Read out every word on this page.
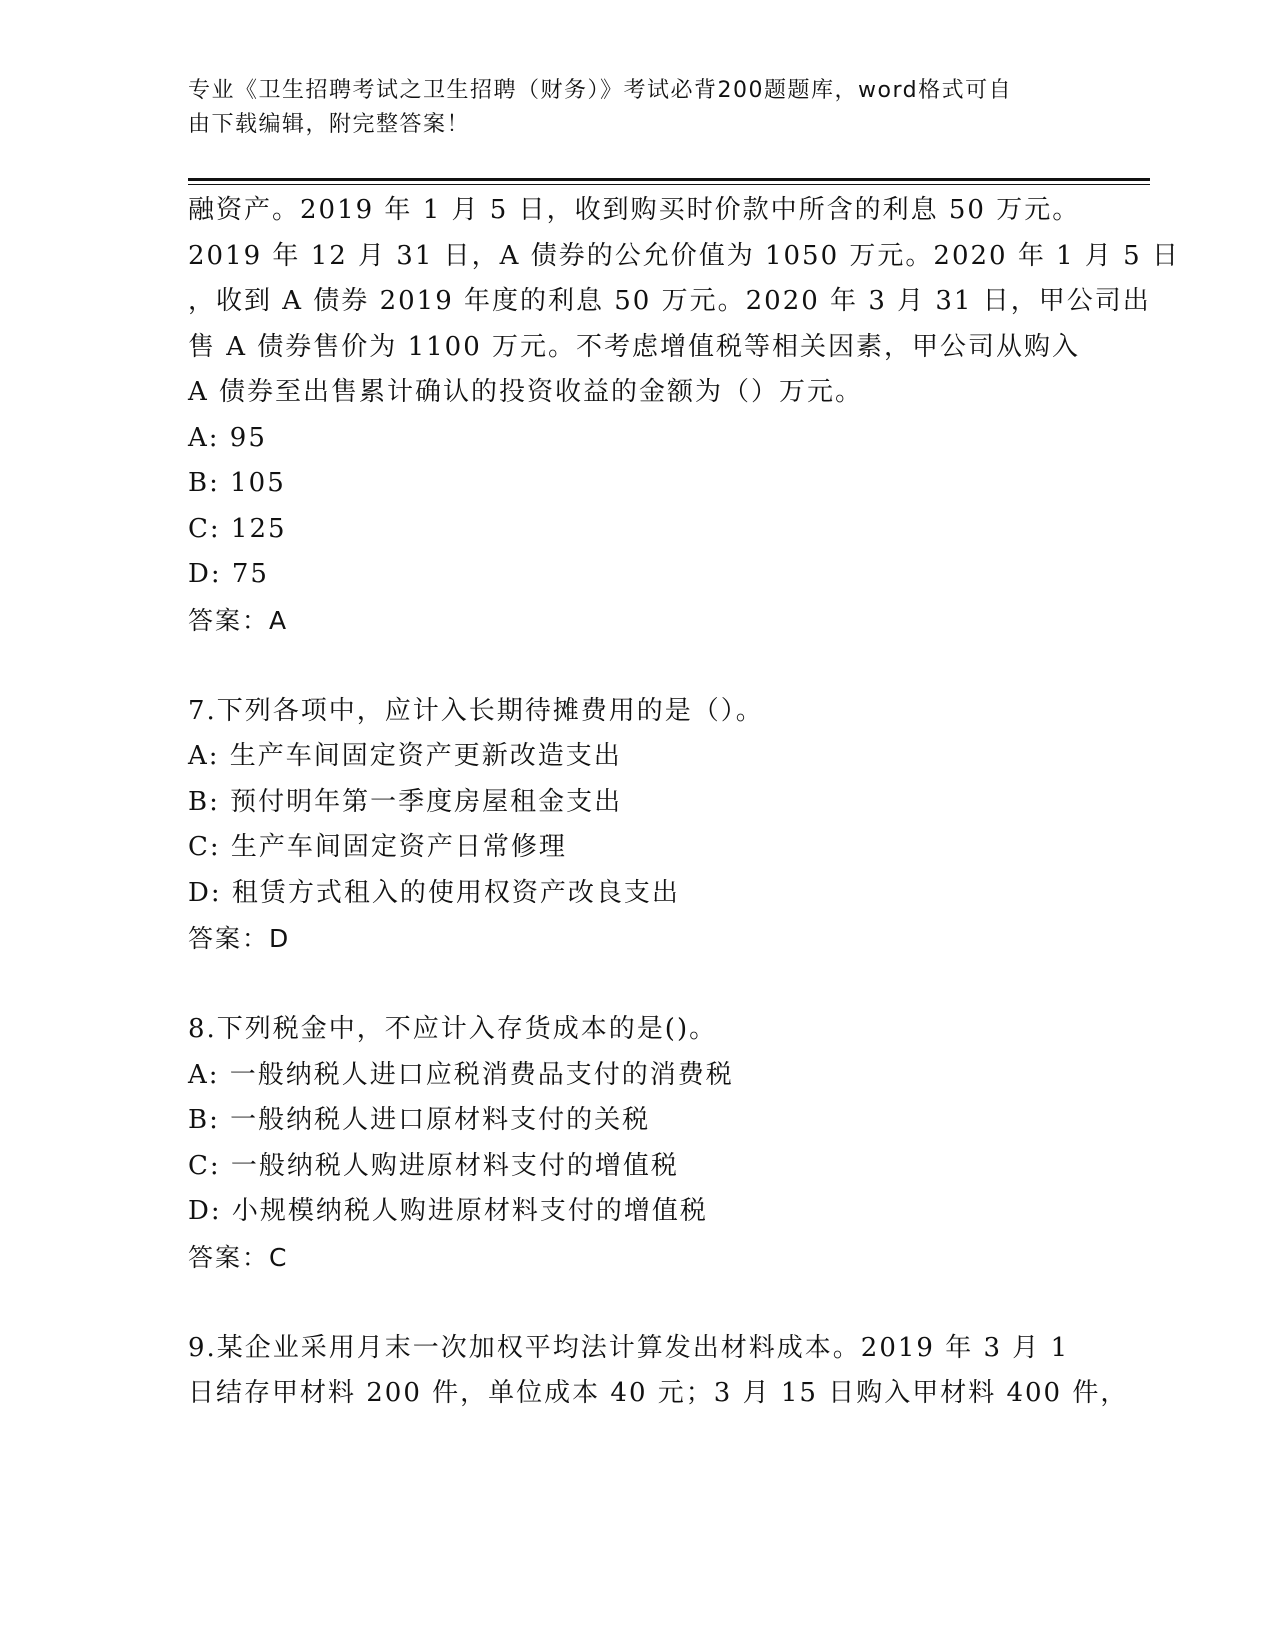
专业《卫生招聘考试之卫生招聘（财务）》考试必背200题题库，word格式可自
由下载编辑，附完整答案！
融资产。2019 年 1 月 5 日，收到购买时价款中所含的利息 50 万元。
2019 年 12 月 31 日，A 债券的公允价值为 1050 万元。2020 年 1 月 5 日
，收到 A 债券 2019 年度的利息 50 万元。2020 年 3 月 31 日，甲公司出
售 A 债券售价为 1100 万元。不考虑增值税等相关因素，甲公司从购入
A 债券至出售累计确认的投资收益的金额为（）万元。
A: 95
B: 105
C: 125
D: 75
答案：A
7.下列各项中，应计入长期待摊费用的是（）。
A: 生产车间固定资产更新改造支出
B: 预付明年第一季度房屋租金支出
C: 生产车间固定资产日常修理
D: 租赁方式租入的使用权资产改良支出
答案：D
8.下列税金中，不应计入存货成本的是()。
A: 一般纳税人进口应税消费品支付的消费税
B: 一般纳税人进口原材料支付的关税
C: 一般纳税人购进原材料支付的增值税
D: 小规模纳税人购进原材料支付的增值税
答案：C
9.某企业采用月末一次加权平均法计算发出材料成本。2019 年 3 月 1
日结存甲材料 200 件，单位成本 40 元；3 月 15 日购入甲材料 400 件，
